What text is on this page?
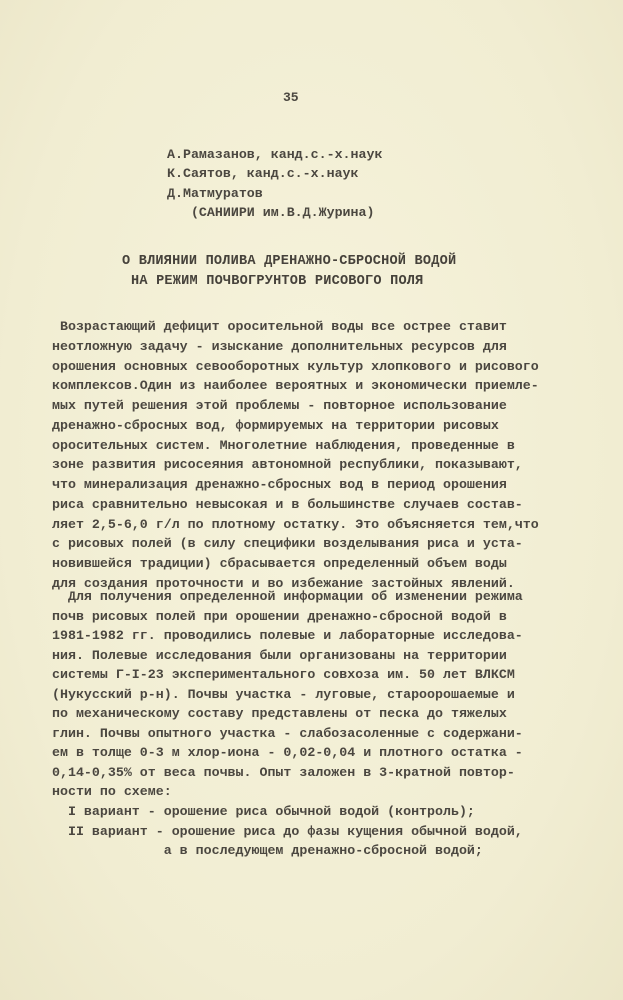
35
А.Рамазанов, канд.с.-х.наук
К.Саятов, канд.с.-х.наук
Д.Матмуратов
(САНИИРИ им.В.Д.Журина)
О ВЛИЯНИИ ПОЛИВА ДРЕНАЖНО-СБРОСНОЙ ВОДОЙ
НА РЕЖИМ ПОЧВОГРУНТОВ РИСОВОГО ПОЛЯ
Возрастающий дефицит оросительной воды все острее ставит
неотложную задачу - изыскание дополнительных ресурсов для
орошения основных севооборотных культур хлопкового и рисового
комплексов.Один из наиболее вероятных и экономически приемле-
мых путей решения этой проблемы - повторное использование
дренажно-сбросных вод, формируемых на территории рисовых
оросительных систем. Многолетние наблюдения, проведенные в
зоне развития рисосеяния автономной республики, показывают,
что минерализация дренажно-сбросных вод в период орошения
риса сравнительно невысокая и в большинстве случаев состав-
ляет 2,5-6,0 г/л по плотному остатку. Это объясняется тем,что
с рисовых полей (в силу специфики возделывания риса и уста-
новившейся традиции) сбрасывается определенный объем воды
для создания проточности и во избежание застойных явлений.
Для получения определенной информации об изменении режима
почв рисовых полей при орошении дренажно-сбросной водой в
1981-1982 гг. проводились полевые и лабораторные исследова-
ния. Полевые исследования были организованы на территории
системы Г-I-23 экспериментального совхоза им. 50 лет ВЛКСМ
(Нукусский р-н). Почвы участка - луговые, староорошаемые и
по механическому составу представлены от песка до тяжелых
глин. Почвы опытного участка - слабозасоленные с содержани-
ем в толще 0-3 м хлор-иона - 0,02-0,04 и плотного остатка -
0,14-0,35% от веса почвы. Опыт заложен в 3-кратной повтор-
ности по схеме:
I вариант - орошение риса обычной водой (контроль);
II вариант - орошение риса до фазы кущения обычной водой,
а в последующем дренажно-сбросной водой;
